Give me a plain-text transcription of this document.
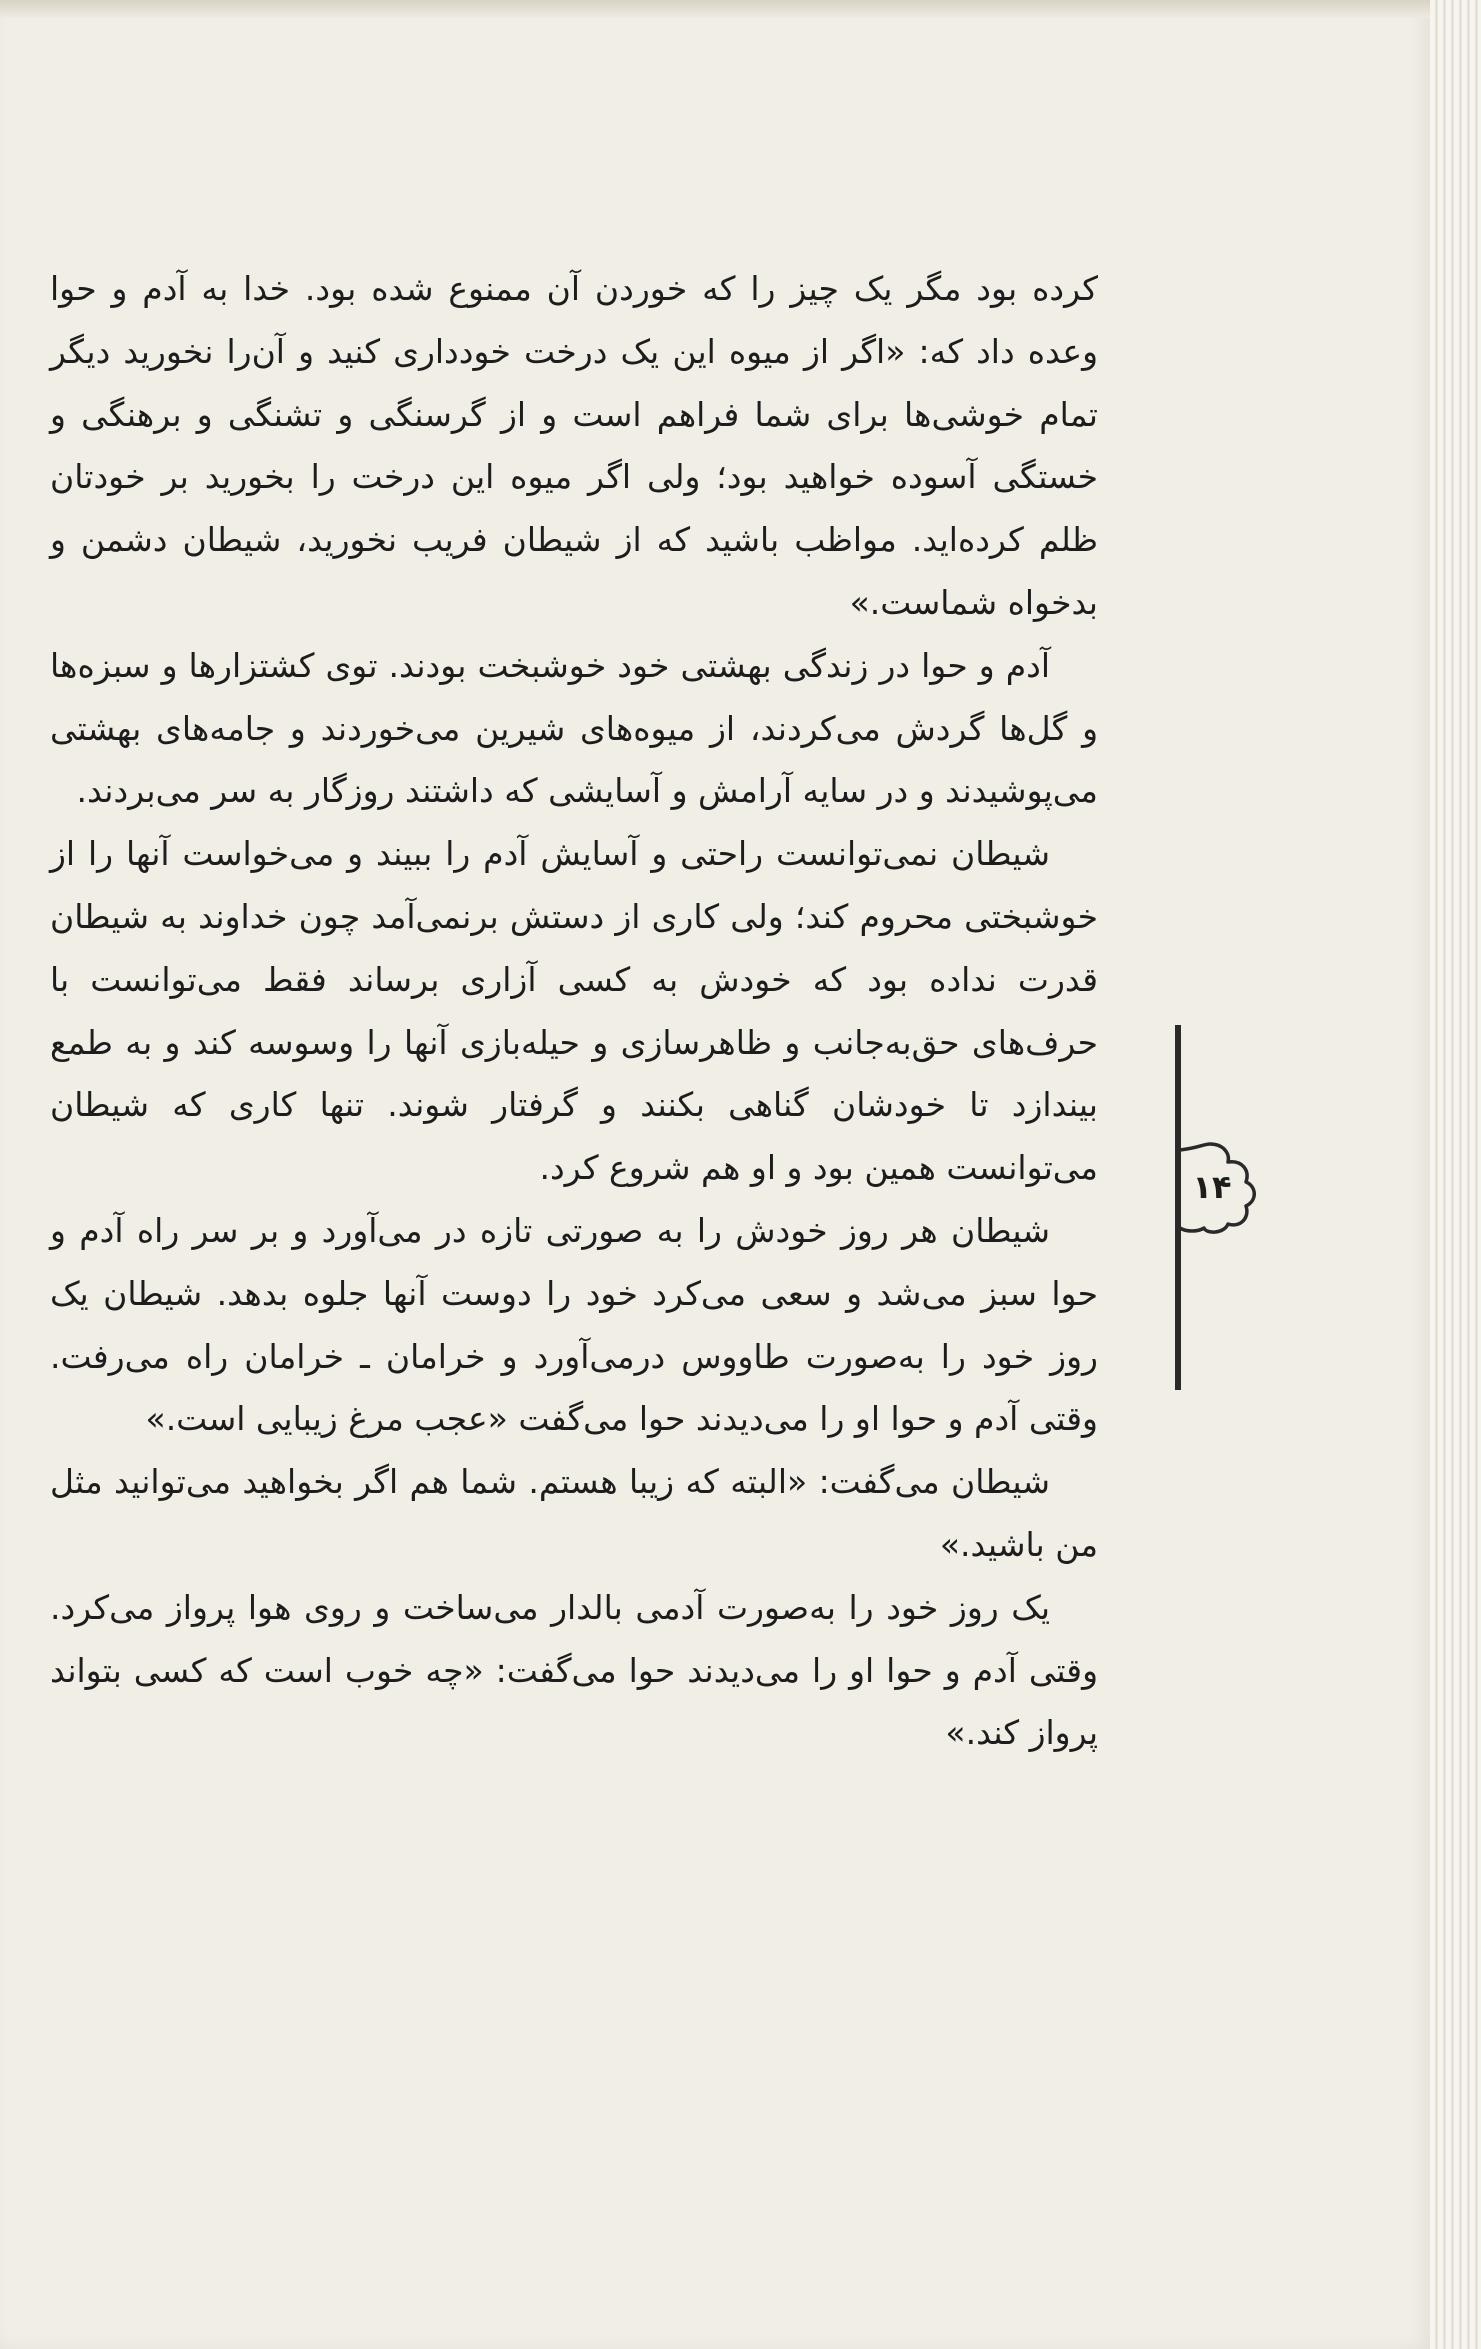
کرده بود مگر یک چیز را که خوردن آن ممنوع شده بود. خدا به آدم و حوا وعده داد که: «اگر از میوه این یک درخت خودداری کنید و آن‌را نخورید دیگر تمام خوشی‌ها برای شما فراهم است و از گرسنگی و تشنگی و برهنگی و خستگی آسوده خواهید بود؛ ولی اگر میوه این درخت را بخورید بر خودتان ظلم کرده‌اید. مواظب باشید که از شیطان فریب نخورید، شیطان دشمن و بدخواه شماست.»

آدم و حوا در زندگی بهشتی خود خوشبخت بودند. توی کشتزارها و سبزه‌ها و گل‌ها گردش می‌کردند، از میوه‌های شیرین می‌خوردند و جامه‌های بهشتی می‌پوشیدند و در سایه آرامش و آسایشی که داشتند روزگار به سر می‌بردند.

شیطان نمی‌توانست راحتی و آسایش آدم را ببیند و می‌خواست آنها را از خوشبختی محروم کند؛ ولی کاری از دستش برنمی‌آمد چون خداوند به شیطان قدرت نداده بود که خودش به کسی آزاری برساند فقط می‌توانست با حرف‌های حق‌به‌جانب و ظاهرسازی و حیله‌بازی آنها را وسوسه کند و به طمع بیندازد تا خودشان گناهی بکنند و گرفتار شوند. تنها کاری که شیطان می‌توانست همین بود و او هم شروع کرد.

شیطان هر روز خودش را به صورتی تازه در می‌آورد و بر سر راه آدم و حوا سبز می‌شد و سعی می‌کرد خود را دوست آنها جلوه بدهد. شیطان یک روز خود را به‌صورت طاووس درمی‌آورد و خرامان ـ خرامان راه می‌رفت. وقتی آدم و حوا او را می‌دیدند حوا می‌گفت «عجب مرغ زیبایی است.»

شیطان می‌گفت: «البته که زیبا هستم. شما هم اگر بخواهید می‌توانید مثل من باشید.»

یک روز خود را به‌صورت آدمی بالدار می‌ساخت و روی هوا پرواز می‌کرد. وقتی آدم و حوا او را می‌دیدند حوا می‌گفت: «چه خوب است که کسی بتواند پرواز کند.»

۱۴
